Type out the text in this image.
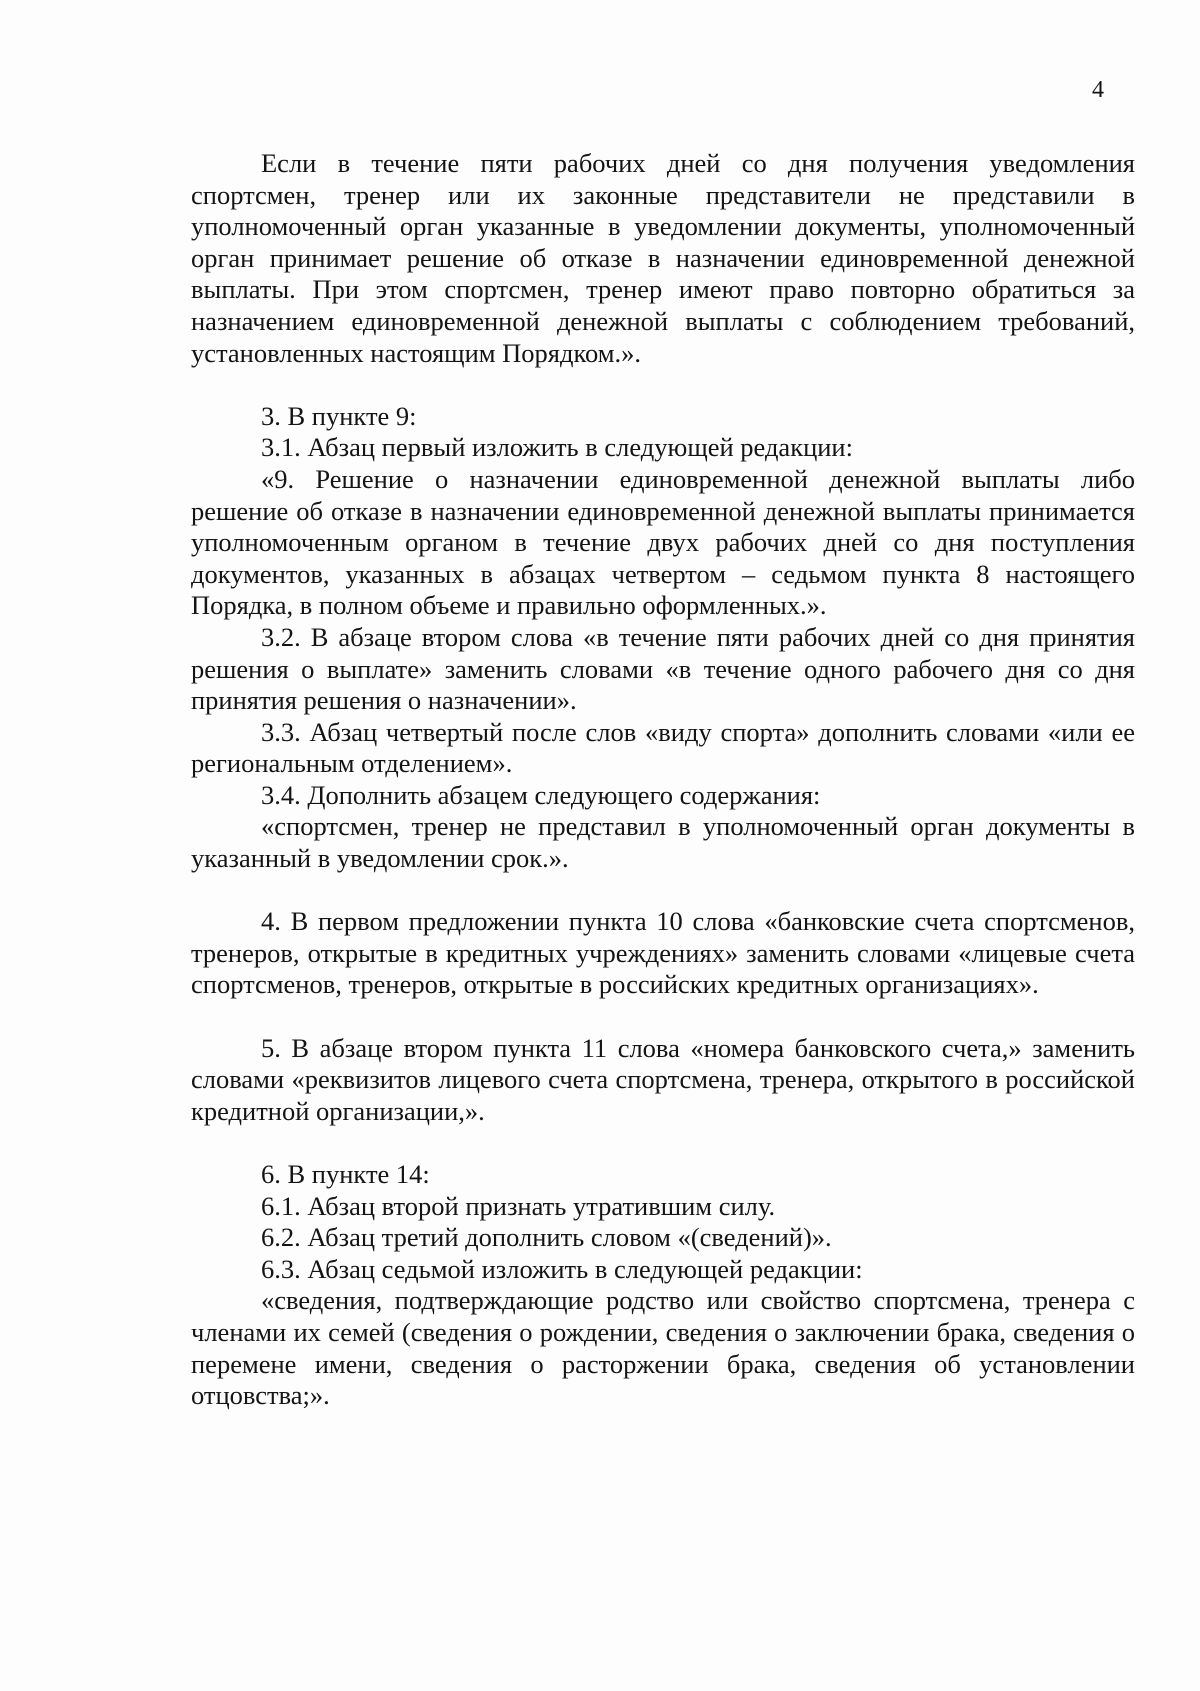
4

Если в течение пяти рабочих дней со дня получения уведомления спортсмен, тренер или их законные представители не представили в уполномоченный орган указанные в уведомлении документы, уполномоченный орган принимает решение об отказе в назначении единовременной денежной выплаты. При этом спортсмен, тренер имеют право повторно обратиться за назначением единовременной денежной выплаты с соблюдением требований, установленных настоящим Порядком.».

3. В пункте 9:

3.1. Абзац первый изложить в следующей редакции:

«9. Решение о назначении единовременной денежной выплаты либо решение об отказе в назначении единовременной денежной выплаты принимается уполномоченным органом в течение двух рабочих дней со дня поступления документов, указанных в абзацах четвертом – седьмом пункта 8 настоящего Порядка, в полном объеме и правильно оформленных.».

3.2. В абзаце втором слова «в течение пяти рабочих дней со дня принятия решения о выплате» заменить словами «в течение одного рабочего дня со дня принятия решения о назначении».

3.3. Абзац четвертый после слов «виду спорта» дополнить словами «или ее региональным отделением».

3.4. Дополнить абзацем следующего содержания:

«спортсмен, тренер не представил в уполномоченный орган документы в указанный в уведомлении срок.».

4. В первом предложении пункта 10 слова «банковские счета спортсменов, тренеров, открытые в кредитных учреждениях» заменить словами «лицевые счета спортсменов, тренеров, открытые в российских кредитных организациях».

5. В абзаце втором пункта 11 слова «номера банковского счета,» заменить словами «реквизитов лицевого счета спортсмена, тренера, открытого в российской кредитной организации,».

6. В пункте 14:

6.1. Абзац второй признать утратившим силу.

6.2. Абзац третий дополнить словом «(сведений)».

6.3. Абзац седьмой изложить в следующей редакции:

«сведения, подтверждающие родство или свойство спортсмена, тренера с членами их семей (сведения о рождении, сведения о заключении брака, сведения о перемене имени, сведения о расторжении брака, сведения об установлении отцовства;».
